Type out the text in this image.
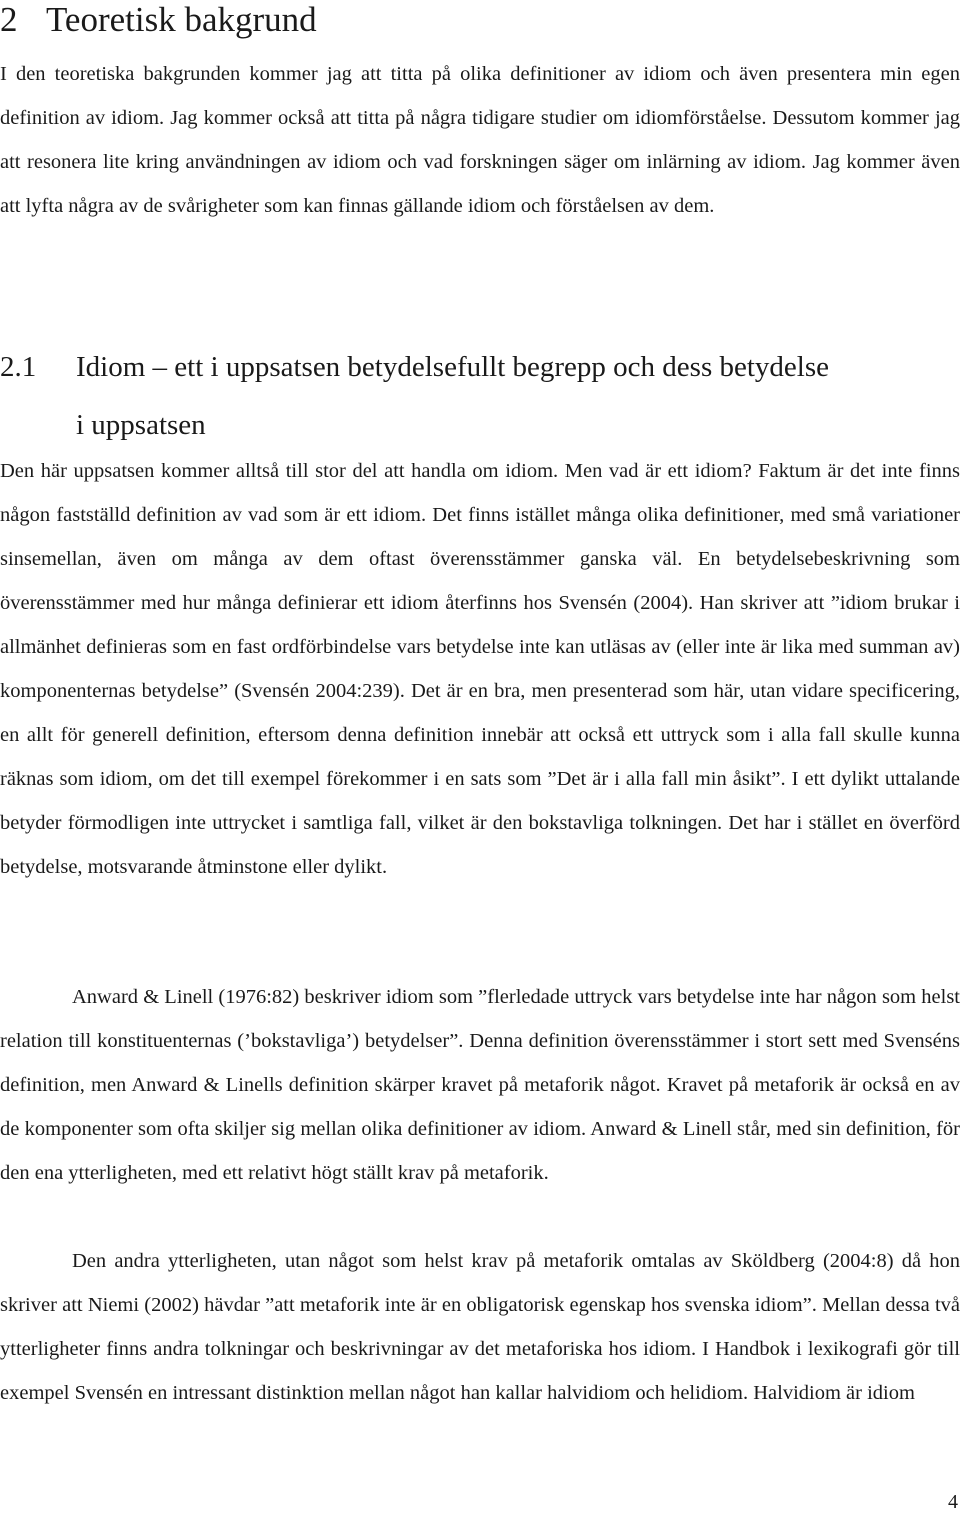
2 Teoretisk bakgrund

I den teoretiska bakgrunden kommer jag att titta på olika definitioner av idiom och även presentera min egen definition av idiom. Jag kommer också att titta på några tidigare studier om idiomförståelse. Dessutom kommer jag att resonera lite kring användningen av idiom och vad forskningen säger om inlärning av idiom. Jag kommer även att lyfta några av de svårigheter som kan finnas gällande idiom och förståelsen av dem.

2.1 Idiom – ett i uppsatsen betydelsefullt begrepp och dess betydelse
i uppsatsen

Den här uppsatsen kommer alltså till stor del att handla om idiom. Men vad är ett idiom? Faktum är det inte finns någon fastställd definition av vad som är ett idiom. Det finns istället många olika definitioner, med små variationer sinsemellan, även om många av dem oftast överensstämmer ganska väl. En betydelsebeskrivning som överensstämmer med hur många definierar ett idiom återfinns hos Svensén (2004). Han skriver att ”idiom brukar i allmänhet definieras som en fast ordförbindelse vars betydelse inte kan utläsas av (eller inte är lika med summan av) komponenternas betydelse” (Svensén 2004:239). Det är en bra, men presenterad som här, utan vidare specificering, en allt för generell definition, eftersom denna definition innebär att också ett uttryck som i alla fall skulle kunna räknas som idiom, om det till exempel förekommer i en sats som ”Det är i alla fall min åsikt”. I ett dylikt uttalande betyder förmodligen inte uttrycket i samtliga fall, vilket är den bokstavliga tolkningen. Det har i stället en överförd betydelse, motsvarande åtminstone eller dylikt.

Anward & Linell (1976:82) beskriver idiom som ”flerledade uttryck vars betydelse inte har någon som helst relation till konstituenternas (’bokstavliga’) betydelser”. Denna definition överensstämmer i stort sett med Svenséns definition, men Anward & Linells definition skärper kravet på metaforik något. Kravet på metaforik är också en av de komponenter som ofta skiljer sig mellan olika definitioner av idiom. Anward & Linell står, med sin definition, för den ena ytterligheten, med ett relativt högt ställt krav på metaforik.

Den andra ytterligheten, utan något som helst krav på metaforik omtalas av Sköldberg (2004:8) då hon skriver att Niemi (2002) hävdar ”att metaforik inte är en obligatorisk egenskap hos svenska idiom”. Mellan dessa två ytterligheter finns andra tolkningar och beskrivningar av det metaforiska hos idiom. I Handbok i lexikografi gör till exempel Svensén en intressant distinktion mellan något han kallar halvidiom och helidiom. Halvidiom är idiom

4
